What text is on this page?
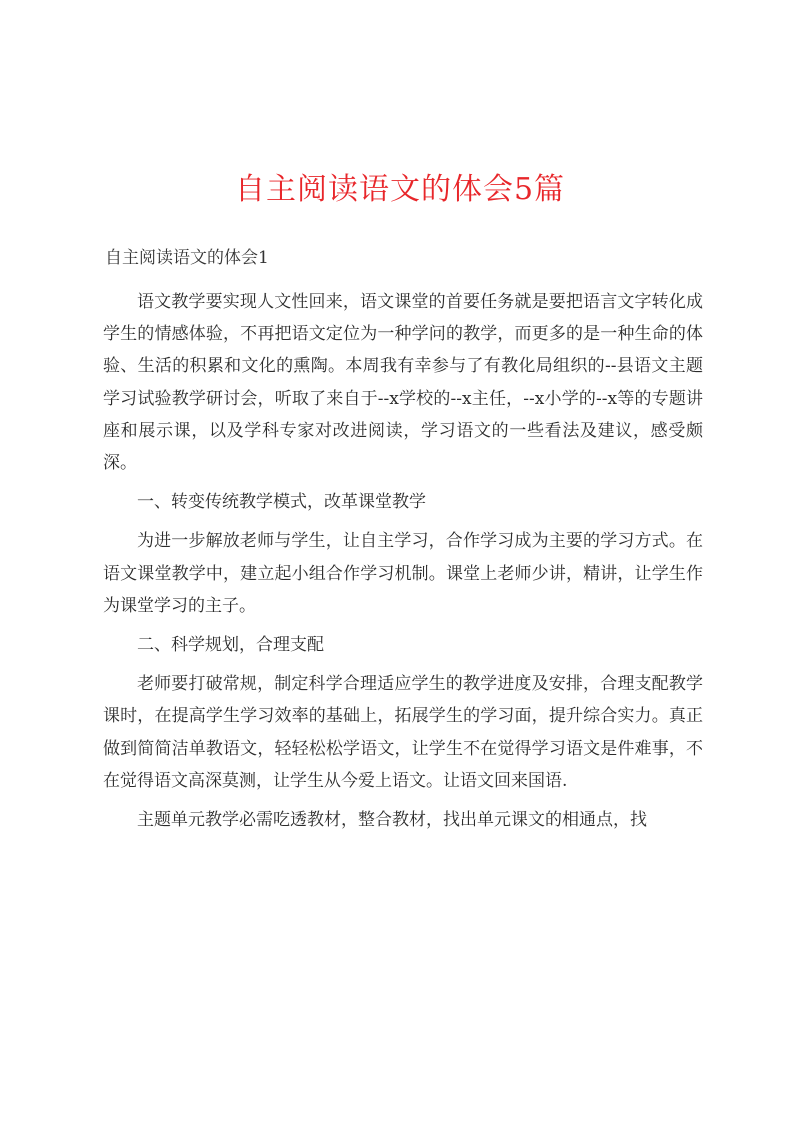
自主阅读语文的体会5篇
自主阅读语文的体会1

语文教学要实现人文性回来，语文课堂的首要任务就是要把语言文字转化成学生的情感体验，不再把语文定位为一种学问的教学，而更多的是一种生命的体验、生活的积累和文化的熏陶。本周我有幸参与了有教化局组织的--县语文主题学习试验教学研讨会，听取了来自于--x学校的--x主任，--x小学的--x等的专题讲座和展示课，以及学科专家对改进阅读，学习语文的一些看法及建议，感受颇深。

一、转变传统教学模式，改革课堂教学

为进一步解放老师与学生，让自主学习，合作学习成为主要的学习方式。在语文课堂教学中，建立起小组合作学习机制。课堂上老师少讲，精讲，让学生作为课堂学习的主子。

二、科学规划，合理支配

老师要打破常规，制定科学合理适应学生的教学进度及安排，合理支配教学课时，在提高学生学习效率的基础上，拓展学生的学习面，提升综合实力。真正做到简简洁单教语文，轻轻松松学语文，让学生不在觉得学习语文是件难事，不在觉得语文高深莫测，让学生从今爱上语文。让语文回来国语.

主题单元教学必需吃透教材，整合教材，找出单元课文的相通点，找
